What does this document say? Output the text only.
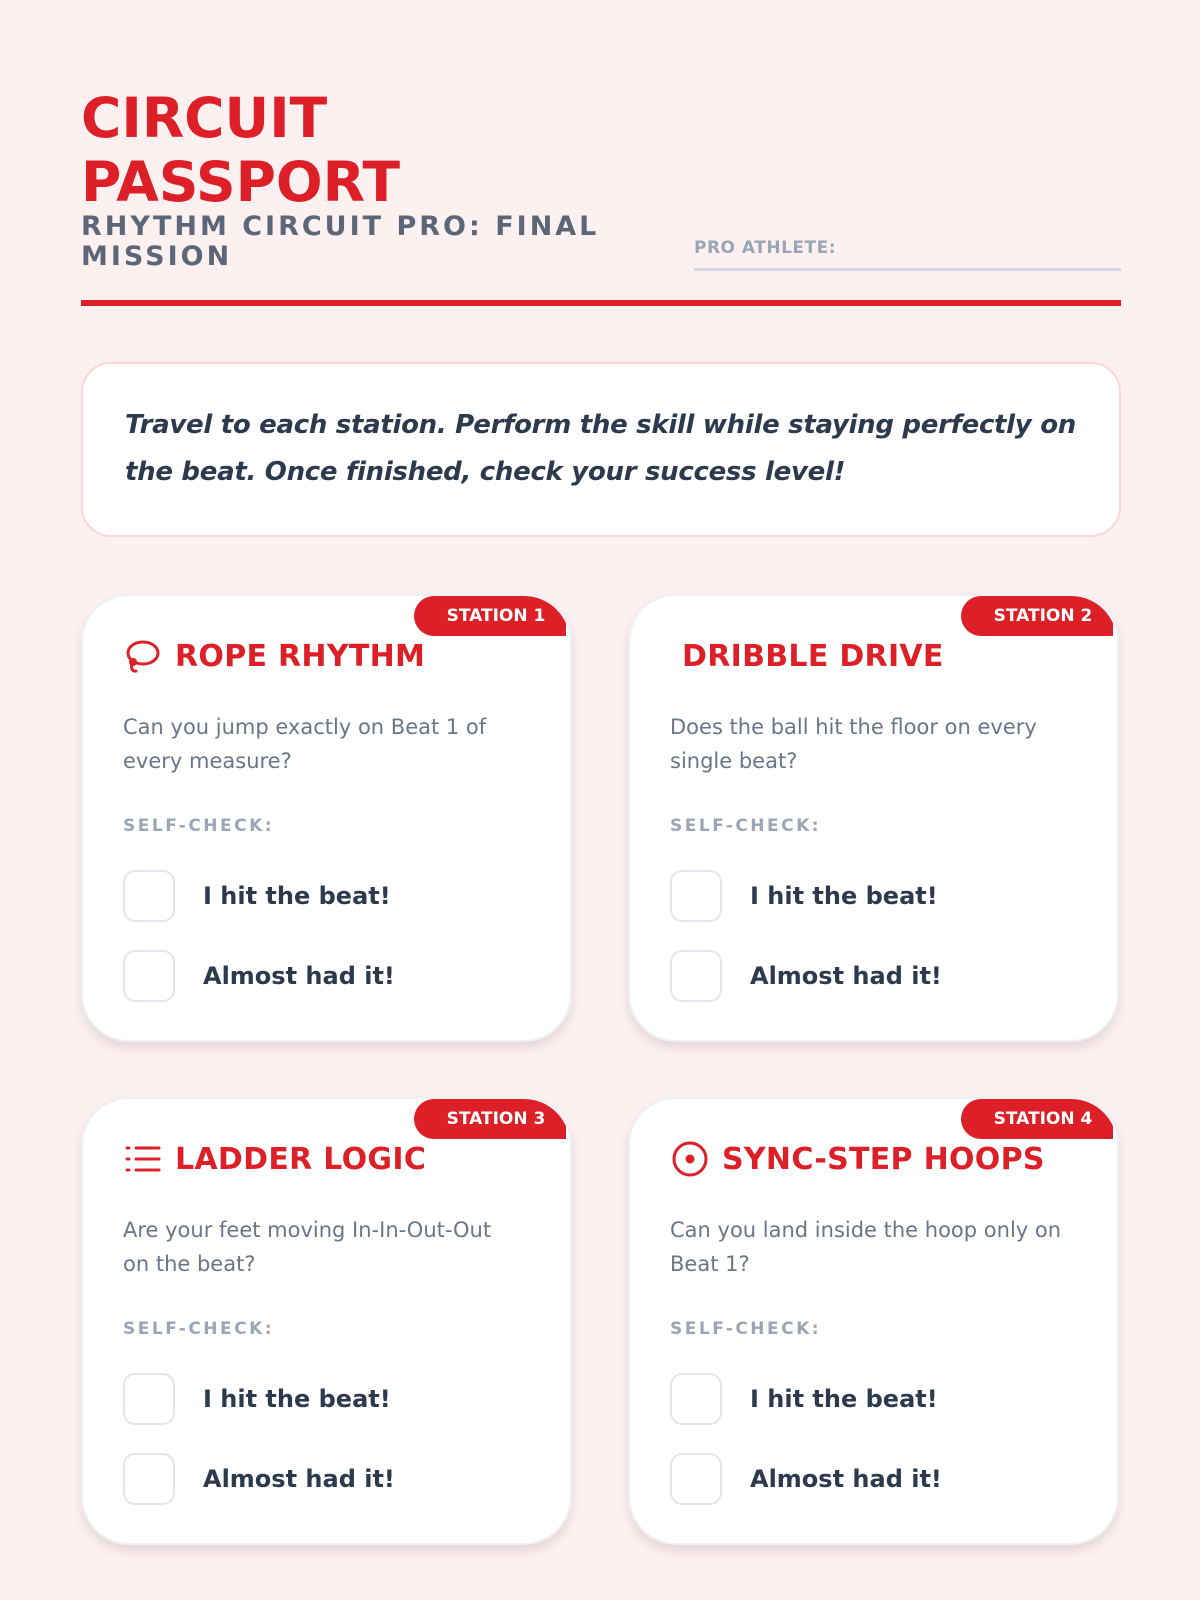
CIRCUIT
PASSPORT
RHYTHM CIRCUIT PRO: FINAL MISSION	PRO ATHLETE:

Travel to each station. Perform the skill while staying perfectly on the beat. Once finished, check your success level!

STATION 1
ROPE RHYTHM
Can you jump exactly on Beat 1 of every measure?
SELF-CHECK:
I hit the beat!
Almost had it!
STATION 2
DRIBBLE DRIVE
Does the ball hit the floor on every single beat?
SELF-CHECK:
I hit the beat!
Almost had it!
STATION 3
LADDER LOGIC
Are your feet moving In-In-Out-Out on the beat?
SELF-CHECK:
I hit the beat!
Almost had it!
STATION 4
SYNC-STEP HOOPS
Can you land inside the hoop only on Beat 1?
SELF-CHECK:
I hit the beat!
Almost had it!
